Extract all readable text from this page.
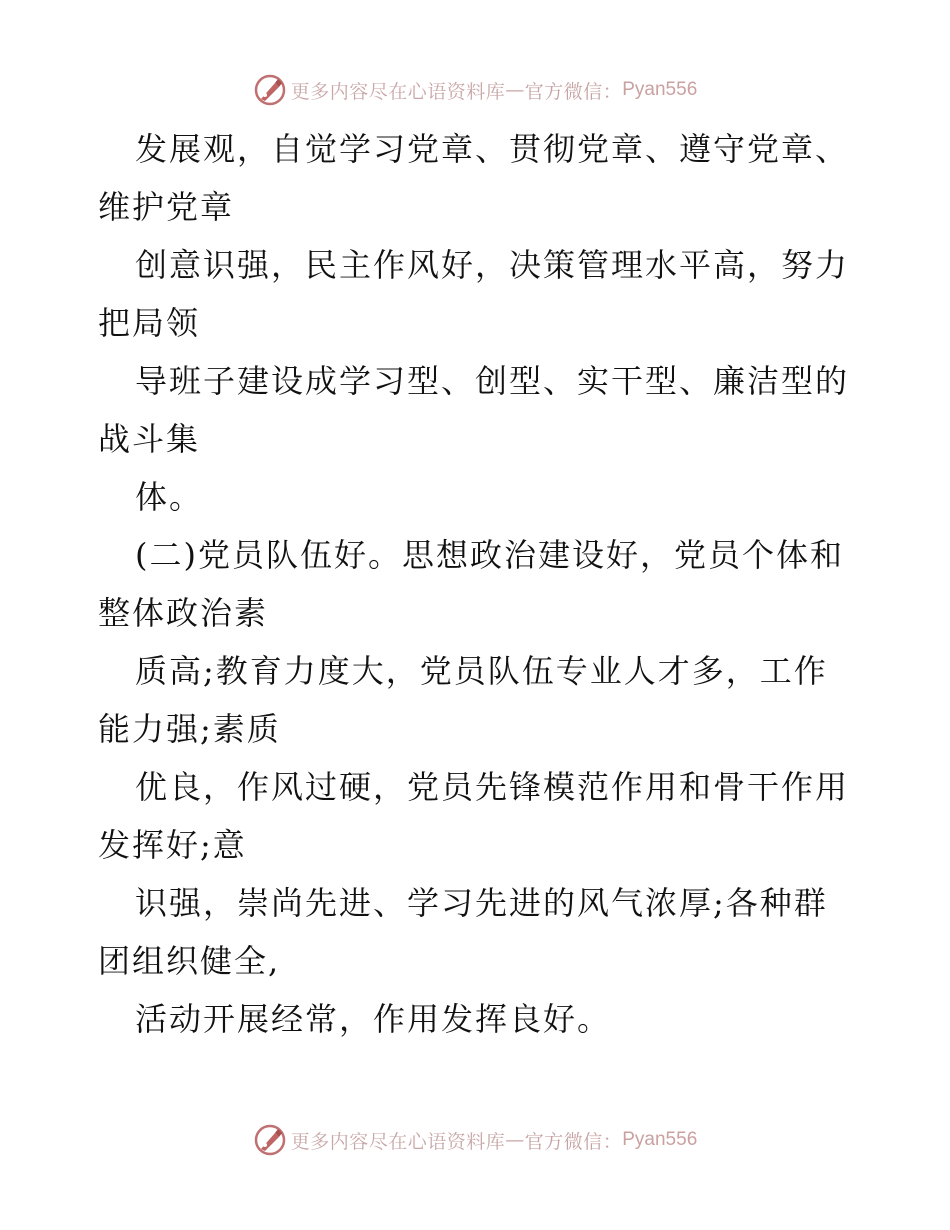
更多内容尽在心语资料库 — 官方微信： Pyan556
发展观，自觉学习党章、贯彻党章、遵守党章、
维护党章
创意识强，民主作风好，决策管理水平高，努力
把局领
导班子建设成学习型、创型、实干型、廉洁型的
战斗集
体。
(二)党员队伍好。思想政治建设好，党员个体和
整体政治素
质高;教育力度大，党员队伍专业人才多，工作
能力强;素质
优良，作风过硬，党员先锋模范作用和骨干作用
发挥好;意
识强，崇尚先进、学习先进的风气浓厚;各种群
团组织健全,
活动开展经常，作用发挥良好。
更多内容尽在心语资料库 — 官方微信： Pyan556
